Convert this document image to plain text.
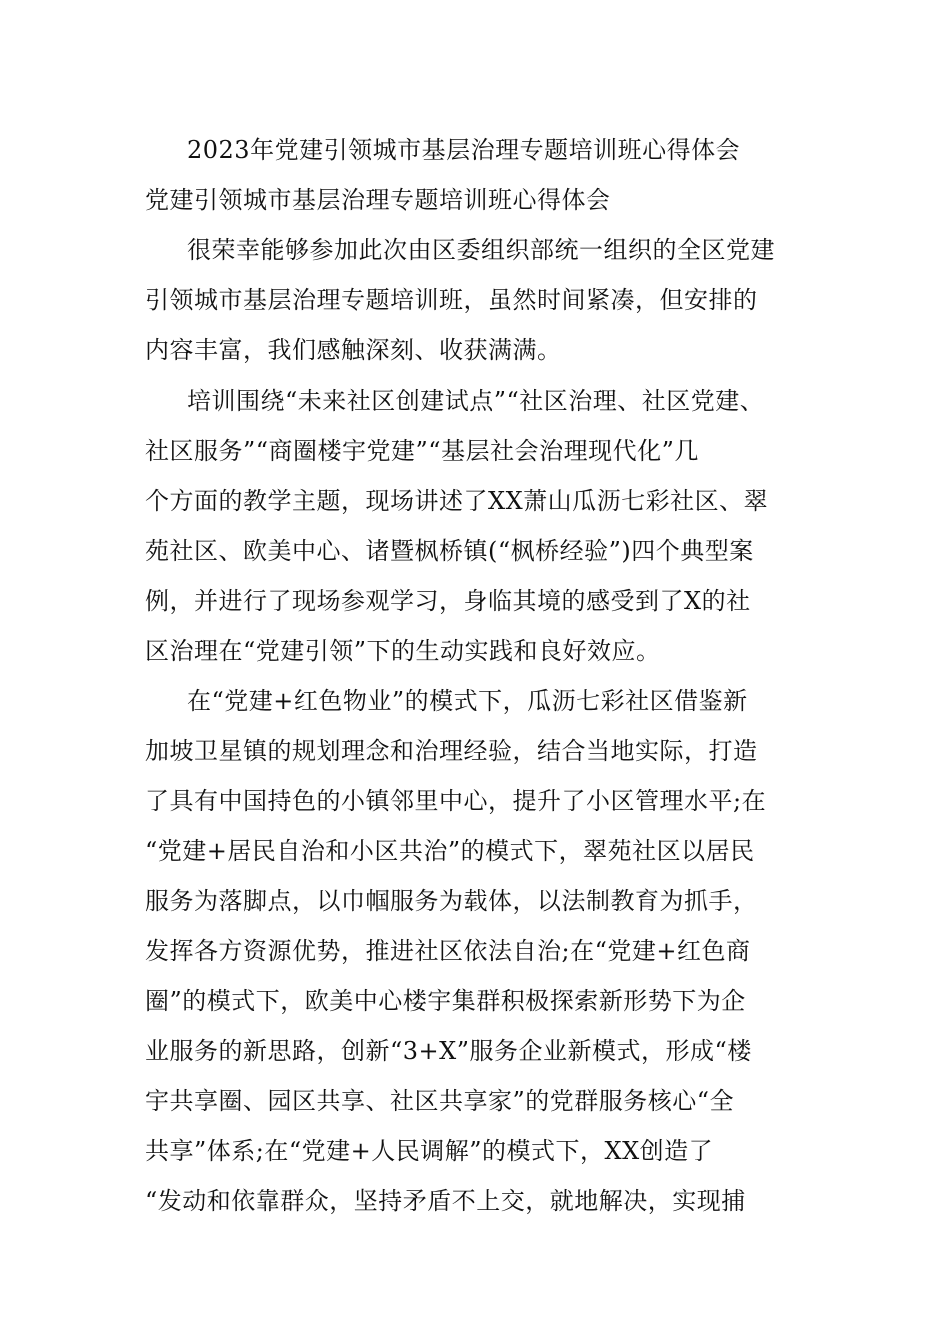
2023年党建引领城市基层治理专题培训班心得体会
党建引领城市基层治理专题培训班心得体会
很荣幸能够参加此次由区委组织部统一组织的全区党建
引领城市基层治理专题培训班，虽然时间紧凑，但安排的
内容丰富，我们感触深刻、收获满满。
培训围绕“未来社区创建试点”“社区治理、社区党建、
社区服务”“商圈楼宇党建”“基层社会治理现代化”几
个方面的教学主题，现场讲述了XX萧山瓜沥七彩社区、翠
苑社区、欧美中心、诸暨枫桥镇(“枫桥经验”)四个典型案
例，并进行了现场参观学习，身临其境的感受到了X的社
区治理在“党建引领”下的生动实践和良好效应。
在“党建+红色物业”的模式下，瓜沥七彩社区借鉴新
加坡卫星镇的规划理念和治理经验，结合当地实际，打造
了具有中国持色的小镇邻里中心，提升了小区管理水平;在
“党建+居民自治和小区共治”的模式下，翠苑社区以居民
服务为落脚点，以巾帼服务为载体，以法制教育为抓手，
发挥各方资源优势，推进社区依法自治;在“党建+红色商
圈”的模式下，欧美中心楼宇集群积极探索新形势下为企
业服务的新思路，创新“3+X”服务企业新模式，形成“楼
宇共享圈、园区共享、社区共享家”的党群服务核心“全
共享”体系;在“党建+人民调解”的模式下，XX创造了
“发动和依靠群众，坚持矛盾不上交，就地解决，实现捕
